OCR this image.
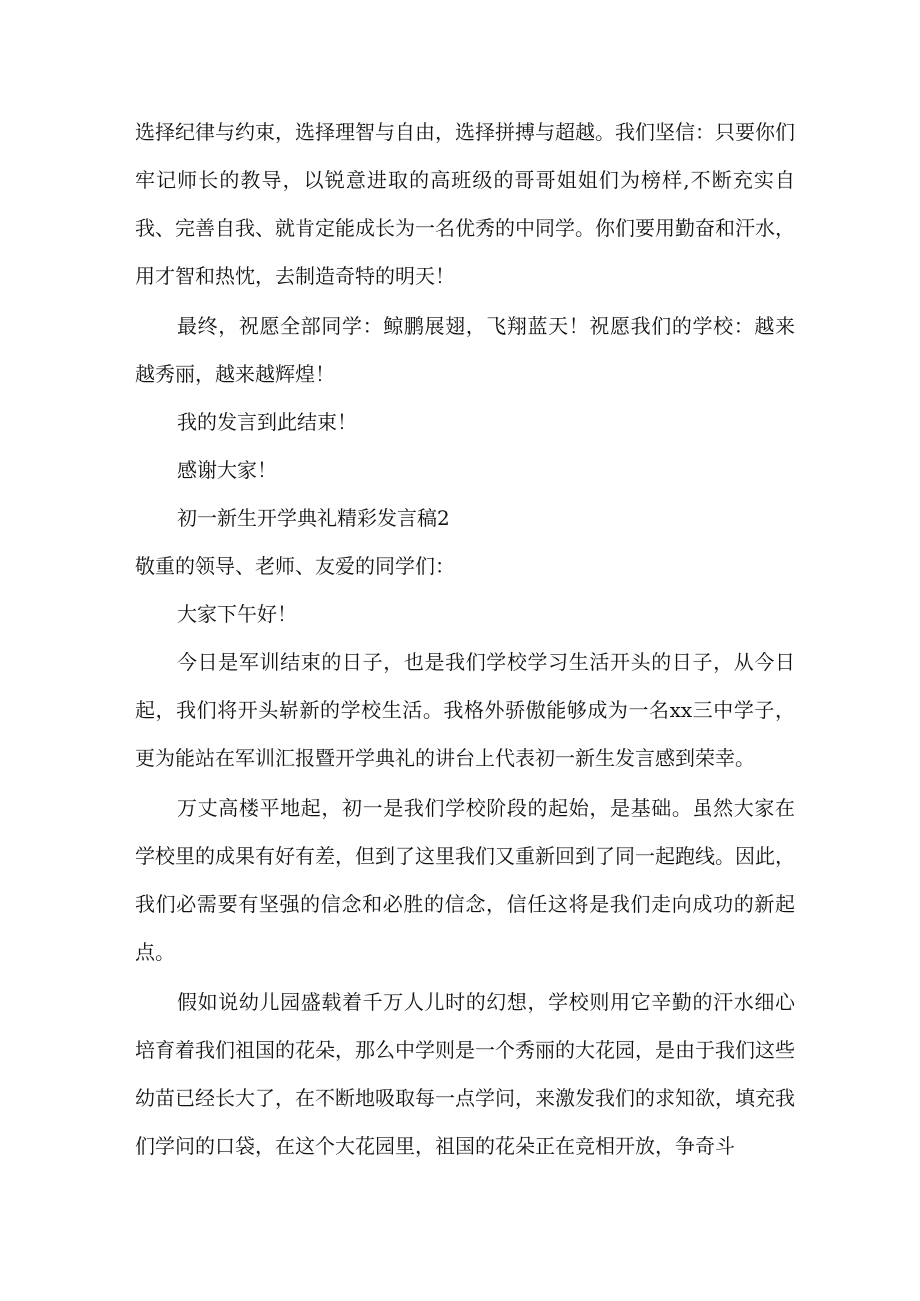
选择纪律与约束，选择理智与自由，选择拼搏与超越。我们坚信：只要你们牢记师长的教导，以锐意进取的高班级的哥哥姐姐们为榜样,不断充实自我、完善自我、就肯定能成长为一名优秀的中同学。你们要用勤奋和汗水，用才智和热忱，去制造奇特的明天！

最终，祝愿全部同学：鲸鹏展翅，飞翔蓝天！祝愿我们的学校：越来越秀丽，越来越辉煌！

我的发言到此结束！

感谢大家！

初一新生开学典礼精彩发言稿2

敬重的领导、老师、友爱的同学们：

大家下午好！

今日是军训结束的日子，也是我们学校学习生活开头的日子，从今日起，我们将开头崭新的学校生活。我格外骄傲能够成为一名xx三中学子，更为能站在军训汇报暨开学典礼的讲台上代表初一新生发言感到荣幸。

万丈高楼平地起，初一是我们学校阶段的起始，是基础。虽然大家在学校里的成果有好有差，但到了这里我们又重新回到了同一起跑线。因此，我们必需要有坚强的信念和必胜的信念，信任这将是我们走向成功的新起点。

假如说幼儿园盛载着千万人儿时的幻想，学校则用它辛勤的汗水细心培育着我们祖国的花朵，那么中学则是一个秀丽的大花园，是由于我们这些幼苗已经长大了，在不断地吸取每一点学问，来激发我们的求知欲，填充我们学问的口袋，在这个大花园里，祖国的花朵正在竞相开放，争奇斗
